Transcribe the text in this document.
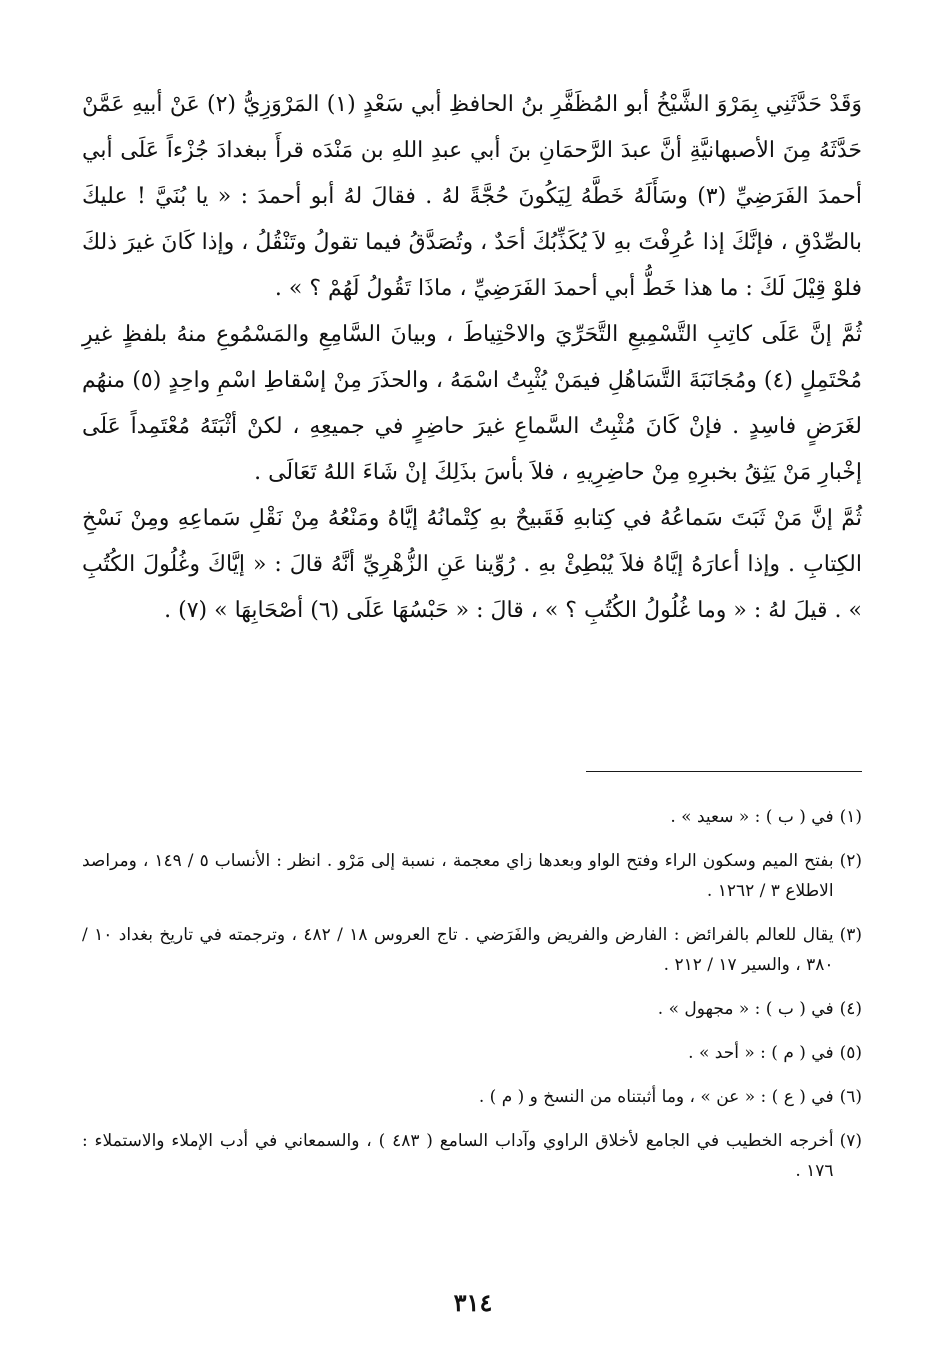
وَقَدْ حَدَّثَنِي بِمَرْوَ الشَّيْخُ أبو المُظَفَّرِ بنُ الحافظِ أبي سَعْدٍ (١) المَرْوَزِيُّ (٢) عَنْ أبيهِ عَمَّنْ حَدَّثَهُ مِنَ الأصبهانيَّةِ أنَّ عبدَ الرَّحمَانِ بنَ أبي عبدِ اللهِ بن مَنْدَه قرأَ ببغدادَ جُزْءاً عَلَى أبي أحمدَ الفَرَضِيِّ (٣) وسَأَلَهُ خَطَّهُ لِيَكُونَ حُجَّةً لهُ . فقالَ لهُ أبو أحمدَ : « يا بُنَيَّ ! عليكَ بالصِّدْقِ ، فإنَّكَ إذا عُرِفْتَ بهِ لاَ يُكَذِّبُكَ أحَدٌ ، وتُصَدَّقُ فيما تقولُ وتَنْقُلُ ، وإذا كَانَ غيرَ ذلكَ فلوْ قِيْلَ لَكَ : ما هذا خَطُّ أبي أحمدَ الفَرَضِيِّ ، ماذَا تَقُولُ لَهُمْ ؟ » .

ثُمَّ إنَّ عَلَى كاتِبِ التَّسْمِيعِ التَّحَرِّيَ والاحْتِياطَ ، وبيانَ السَّامِعِ والمَسْمُوعِ منهُ بلفظٍ غيرِ مُحْتَمِلٍ (٤) ومُجَانَبَةَ التَّسَاهُلِ فيمَنْ يُثْبِتُ اسْمَهُ ، والحذَرَ مِنْ إسْقاطِ اسْمِ واحِدٍ (٥) منهُم لغَرَضٍ فاسِدٍ . فإنْ كَانَ مُثْبِتُ السَّماعِ غيرَ حاضِرٍ في جميعِهِ ، لكنْ أثْبَتَهُ مُعْتَمِداً عَلَى إخْبارِ مَنْ يَثِقُ بخبرِهِ مِنْ حاضِرِيهِ ، فلاَ بأسَ بذَلِكَ إنْ شَاءَ اللهُ تَعَالَى .

ثُمَّ إنَّ مَنْ ثَبَتَ سَماعُهُ في كِتابهِ فَقَبيحٌ بهِ كِتْمانُهُ إيَّاهُ ومَنْعُهُ مِنْ نَقْلِ سَماعِهِ ومِنْ نَسْخِ الكِتابِ . وإذا أعارَهُ إيَّاهُ فلاَ يُبْطِئْ بهِ . رُوِّينا عَنِ الزُّهْرِيِّ أنَّهُ قالَ : « إيَّاكَ وغُلُولَ الكُتُبِ » . قيلَ لهُ : « وما غُلُولُ الكُتُبِ ؟ » ، قالَ : « حَبْسُهَا عَلَى (٦) أصْحَابِهَا » (٧) .

(١)
في ( ب ) : « سعيد » .
(٢)
بفتح الميم وسكون الراء وفتح الواو وبعدها زاي معجمة ، نسبة إلى مَرْو . انظر : الأنساب ٥ / ١٤٩ ، ومراصد الاطلاع ٣ / ١٢٦٢ .
(٣)
يقال للعالم بالفرائض : الفارض والفريض والفَرَضي . تاج العروس ١٨ / ٤٨٢ ، وترجمته في تاريخ بغداد ١٠ / ٣٨٠ ، والسير ١٧ / ٢١٢ .
(٤)
في ( ب ) : « مجهول » .
(٥)
في ( م ) : « أحد » .
(٦)
في ( ع ) : « عن » ، وما أثبتناه من النسخ و ( م ) .
(٧)
أخرجه الخطيب في الجامع لأخلاق الراوي وآداب السامع ( ٤٨٣ ) ، والسمعاني في أدب الإملاء والاستملاء : ١٧٦ .
٣١٤
